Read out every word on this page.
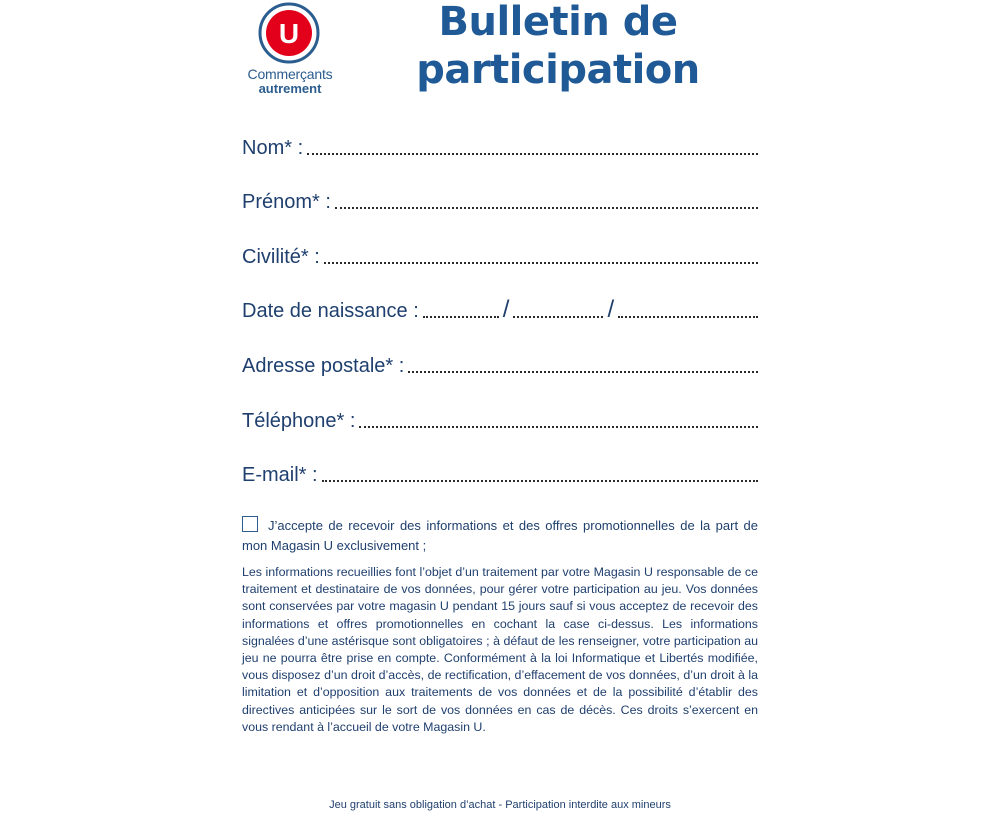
U
Commerçants
autrement
Bulletin de
participation
Nom* :
Prénom* :
Civilité* :
Date de naissance :	/	/
Adresse postale* :
Téléphone* :
E-mail* :
J’accepte de recevoir des informations et des offres promotionnelles de la part de mon Magasin U exclusivement ;
Les informations recueillies font l’objet d’un traitement par votre Magasin U responsable de ce traitement et destinataire de vos données, pour gérer votre participation au jeu. Vos données sont conservées par votre magasin U pendant 15 jours sauf si vous acceptez de recevoir des informations et offres promotionnelles en cochant la case ci-dessus. Les informations signalées d’une astérisque sont obligatoires ; à défaut de les renseigner, votre participation au jeu ne pourra être prise en compte. Conformément à la loi Informatique et Libertés modifiée, vous disposez d’un droit d’accès, de rectification, d’effacement de vos données, d’un droit à la limitation et d’opposition aux traitements de vos données et de la possibilité d’établir des directives anticipées sur le sort de vos données en cas de décès. Ces droits s’exercent en vous rendant à l’accueil de votre Magasin U.
Jeu gratuit sans obligation d’achat - Participation interdite aux mineurs
